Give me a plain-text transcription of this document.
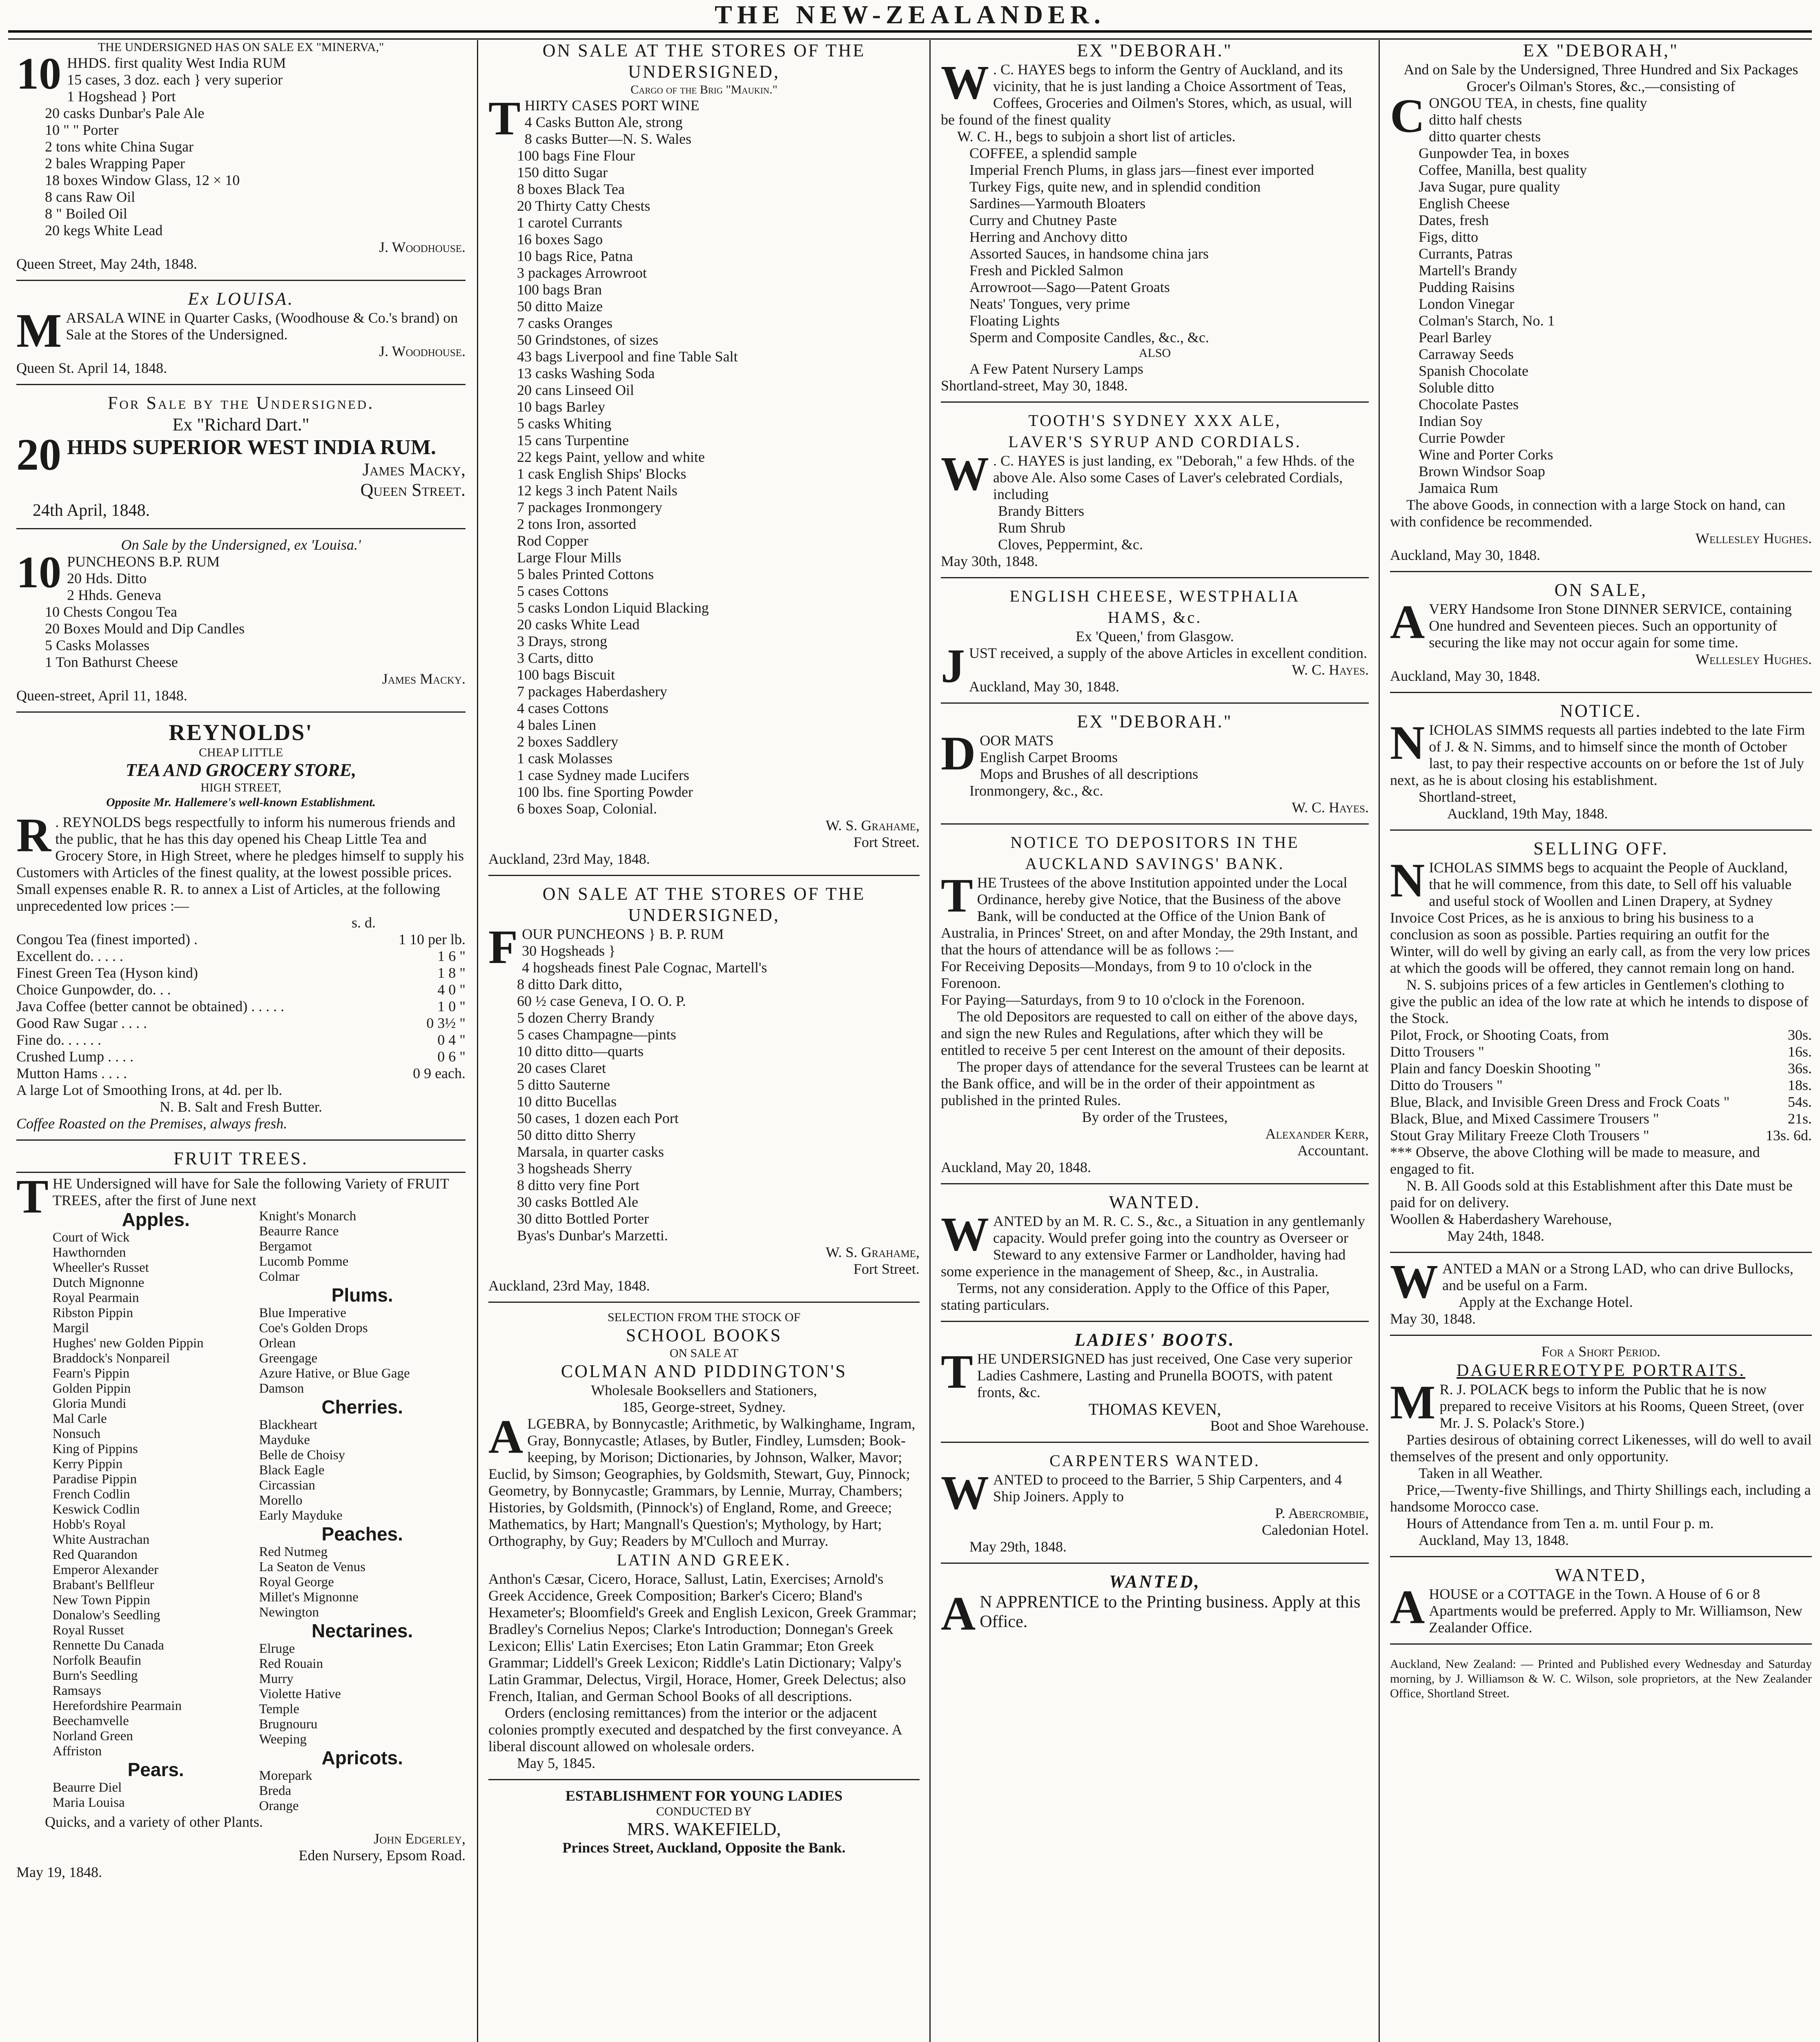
THE NEW-ZEALANDER.

THE UNDERSIGNED HAS ON SALE EX "MINERVA,"

10 HHDS. first quality West India RUM

15 cases, 3 doz. each } very superior

1 Hogshead } Port

20 casks Dunbar's Pale Ale

10 " " Porter

2 tons white China Sugar

2 bales Wrapping Paper

18 boxes Window Glass, 12 × 10

8 cans Raw Oil

8 " Boiled Oil

20 kegs White Lead

J. Woodhouse.

Queen Street, May 24th, 1848.

Ex LOUISA.

MARSALA WINE in Quarter Casks, (Woodhouse & Co.'s brand) on Sale at the Stores of the Undersigned.

J. Woodhouse.

Queen St. April 14, 1848.

For Sale by the Undersigned.

Ex "Richard Dart."

20 HHDS SUPERIOR WEST INDIA RUM.

James Macky,

Queen Street.

24th April, 1848.

On Sale by the Undersigned, ex 'Louisa.'

10 PUNCHEONS B.P. RUM

20 Hds. Ditto

2 Hhds. Geneva

10 Chests Congou Tea

20 Boxes Mould and Dip Candles

5 Casks Molasses

1 Ton Bathurst Cheese

James Macky.

Queen-street, April 11, 1848.

REYNOLDS'

CHEAP LITTLE

TEA AND GROCERY STORE,

HIGH STREET,

Opposite Mr. Hallemere's well-known Establishment.

R . REYNOLDS begs respectfully to inform his numerous friends and the public, that he has this day opened his Cheap Little Tea and Grocery Store, in High Street, where he pledges himself to supply his Customers with Articles of the finest quality, at the lowest possible prices. Small expenses enable R. R. to annex a List of Articles, at the following unprecedented low prices :—

s. d.

Congou Tea (finest imported) .	1 10 per lb.
Excellent do. . . . .	1 6 "
Finest Green Tea (Hyson kind)	1 8 "
Choice Gunpowder, do. . .	4 0 "
Java Coffee (better cannot be obtained) . . . . .	1 0 "
Good Raw Sugar . . . .	0 3½ "
Fine do. . . . . .	0 4 "
Crushed Lump . . . .	0 6 "
Mutton Hams . . . .	0 9 each.

A large Lot of Smoothing Irons, at 4d. per lb.

N. B. Salt and Fresh Butter.

Coffee Roasted on the Premises, always fresh.

FRUIT TREES.

THE Undersigned will have for Sale the following Variety of FRUIT TREES, after the first of June next

Apples.

Court of Wick

Hawthornden

Wheeller's Russet

Dutch Mignonne

Royal Pearmain

Ribston Pippin

Margil

Hughes' new Golden Pippin

Braddock's Nonpareil

Fearn's Pippin

Golden Pippin

Gloria Mundi

Mal Carle

Nonsuch

King of Pippins

Kerry Pippin

Paradise Pippin

French Codlin

Keswick Codlin

Hobb's Royal

White Austrachan

Red Quarandon

Emperor Alexander

Brabant's Bellfleur

New Town Pippin

Donalow's Seedling

Royal Russet

Rennette Du Canada

Norfolk Beaufin

Burn's Seedling

Ramsays

Herefordshire Pearmain

Beechamvelle

Norland Green

Affriston

Pears.

Beaurre Diel

Maria Louisa

Knight's Monarch

Beaurre Rance

Bergamot

Lucomb Pomme

Colmar

Plums.

Blue Imperative

Coe's Golden Drops

Orlean

Greengage

Azure Hative, or Blue Gage

Damson

Cherries.

Blackheart

Mayduke

Belle de Choisy

Black Eagle

Circassian

Morello

Early Mayduke

Peaches.

Red Nutmeg

La Seaton de Venus

Royal George

Millet's Mignonne

Newington

Nectarines.

Elruge

Red Rouain

Murry

Violette Hative

Temple

Brugnouru

Weeping

Apricots.

Morepark

Breda

Orange

Quicks, and a variety of other Plants.

John Edgerley,

Eden Nursery, Epsom Road.

May 19, 1848.

ON SALE AT THE STORES OF THE UNDERSIGNED,

Cargo of the Brig "Maukin."

THIRTY CASES PORT WINE

4 Casks Button Ale, strong

8 casks Butter—N. S. Wales

100 bags Fine Flour

150 ditto Sugar

8 boxes Black Tea

20 Thirty Catty Chests

1 carotel Currants

16 boxes Sago

10 bags Rice, Patna

3 packages Arrowroot

100 bags Bran

50 ditto Maize

7 casks Oranges

50 Grindstones, of sizes

43 bags Liverpool and fine Table Salt

13 casks Washing Soda

20 cans Linseed Oil

10 bags Barley

5 casks Whiting

15 cans Turpentine

22 kegs Paint, yellow and white

1 cask English Ships' Blocks

12 kegs 3 inch Patent Nails

7 packages Ironmongery

2 tons Iron, assorted

Rod Copper

Large Flour Mills

5 bales Printed Cottons

5 cases Cottons

5 casks London Liquid Blacking

20 casks White Lead

3 Drays, strong

3 Carts, ditto

100 bags Biscuit

7 packages Haberdashery

4 cases Cottons

4 bales Linen

2 boxes Saddlery

1 cask Molasses

1 case Sydney made Lucifers

100 lbs. fine Sporting Powder

6 boxes Soap, Colonial.

W. S. Grahame,

Fort Street.

Auckland, 23rd May, 1848.

ON SALE AT THE STORES OF THE UNDERSIGNED,

FOUR PUNCHEONS } B. P. RUM

30 Hogsheads }

4 hogsheads finest Pale Cognac, Martell's

8 ditto Dark ditto,

60 ½ case Geneva, I O. O. P.

5 dozen Cherry Brandy

5 cases Champagne—pints

10 ditto ditto—quarts

20 cases Claret

5 ditto Sauterne

10 ditto Bucellas

50 cases, 1 dozen each Port

50 ditto ditto Sherry

Marsala, in quarter casks

3 hogsheads Sherry

8 ditto very fine Port

30 casks Bottled Ale

30 ditto Bottled Porter

Byas's Dunbar's Marzetti.

W. S. Grahame,

Fort Street.

Auckland, 23rd May, 1848.

SELECTION FROM THE STOCK OF

SCHOOL BOOKS

ON SALE AT

COLMAN AND PIDDINGTON'S

Wholesale Booksellers and Stationers,

185, George-street, Sydney.

ALGEBRA, by Bonnycastle; Arithmetic, by Walkinghame, Ingram, Gray, Bonnycastle; Atlases, by Butler, Findley, Lumsden; Book-keeping, by Morison; Dictionaries, by Johnson, Walker, Mavor; Euclid, by Simson; Geographies, by Goldsmith, Stewart, Guy, Pinnock; Geometry, by Bonnycastle; Grammars, by Lennie, Murray, Chambers; Histories, by Goldsmith, (Pinnock's) of England, Rome, and Greece; Mathematics, by Hart; Mangnall's Question's; Mythology, by Hart; Orthography, by Guy; Readers by M'Culloch and Murray.

LATIN AND GREEK.

Anthon's Cæsar, Cicero, Horace, Sallust, Latin, Exercises; Arnold's Greek Accidence, Greek Composition; Barker's Cicero; Bland's Hexameter's; Bloomfield's Greek and English Lexicon, Greek Grammar; Bradley's Cornelius Nepos; Clarke's Introduction; Donnegan's Greek Lexicon; Ellis' Latin Exercises; Eton Latin Grammar; Eton Greek Grammar; Liddell's Greek Lexicon; Riddle's Latin Dictionary; Valpy's Latin Grammar, Delectus, Virgil, Horace, Homer, Greek Delectus; also French, Italian, and German School Books of all descriptions.

Orders (enclosing remittances) from the interior or the adjacent colonies promptly executed and despatched by the first conveyance. A liberal discount allowed on wholesale orders.

May 5, 1845.

ESTABLISHMENT FOR YOUNG LADIES

CONDUCTED BY

MRS. WAKEFIELD,

Princes Street, Auckland, Opposite the Bank.

EX "DEBORAH."

W . C. HAYES begs to inform the Gentry of Auckland, and its vicinity, that he is just landing a Choice Assortment of Teas, Coffees, Groceries and Oilmen's Stores, which, as usual, will be found of the finest quality

W. C. H., begs to subjoin a short list of articles.

COFFEE, a splendid sample

Imperial French Plums, in glass jars—finest ever imported

Turkey Figs, quite new, and in splendid condition

Sardines—Yarmouth Bloaters

Curry and Chutney Paste

Herring and Anchovy ditto

Assorted Sauces, in handsome china jars

Fresh and Pickled Salmon

Arrowroot—Sago—Patent Groats

Neats' Tongues, very prime

Floating Lights

Sperm and Composite Candles, &c., &c.

ALSO

A Few Patent Nursery Lamps

Shortland-street, May 30, 1848.

TOOTH'S SYDNEY XXX ALE,

LAVER'S SYRUP AND CORDIALS.

W . C. HAYES is just landing, ex "Deborah," a few Hhds. of the above Ale. Also some Cases of Laver's celebrated Cordials, including

Brandy Bitters

Rum Shrub

Cloves, Peppermint, &c.

May 30th, 1848.

ENGLISH CHEESE, WESTPHALIA

HAMS, &c.

Ex 'Queen,' from Glasgow.

JUST received, a supply of the above Articles in excellent condition.

W. C. Hayes.

Auckland, May 30, 1848.

EX "DEBORAH."

DOOR MATS

English Carpet Brooms

Mops and Brushes of all descriptions

Ironmongery, &c., &c.

W. C. Hayes.

NOTICE TO DEPOSITORS IN THE

AUCKLAND SAVINGS' BANK.

THE Trustees of the above Institution appointed under the Local Ordinance, hereby give Notice, that the Business of the above Bank, will be conducted at the Office of the Union Bank of Australia, in Princes' Street, on and after Monday, the 29th Instant, and that the hours of attendance will be as follows :—

For Receiving Deposits—Mondays, from 9 to 10 o'clock in the Forenoon.

For Paying—Saturdays, from 9 to 10 o'clock in the Forenoon.

The old Depositors are requested to call on either of the above days, and sign the new Rules and Regulations, after which they will be entitled to receive 5 per cent Interest on the amount of their deposits.

The proper days of attendance for the several Trustees can be learnt at the Bank office, and will be in the order of their appointment as published in the printed Rules.

By order of the Trustees,

Alexander Kerr,

Accountant.

Auckland, May 20, 1848.

WANTED.

WANTED by an M. R. C. S., &c., a Situation in any gentlemanly capacity. Would prefer going into the country as Overseer or Steward to any extensive Farmer or Landholder, having had some experience in the management of Sheep, &c., in Australia.

Terms, not any consideration. Apply to the Office of this Paper, stating particulars.

LADIES' BOOTS.

THE UNDERSIGNED has just received, One Case very superior Ladies Cashmere, Lasting and Prunella BOOTS, with patent fronts, &c.

THOMAS KEVEN,

Boot and Shoe Warehouse.

CARPENTERS WANTED.

WANTED to proceed to the Barrier, 5 Ship Carpenters, and 4 Ship Joiners. Apply to

P. Abercrombie,

Caledonian Hotel.

May 29th, 1848.

WANTED,

A N APPRENTICE to the Printing business. Apply at this Office.

EX "DEBORAH,"

And on Sale by the Undersigned, Three Hundred and Six Packages Grocer's Oilman's Stores, &c.,—consisting of

CONGOU TEA, in chests, fine quality

ditto half chests

ditto quarter chests

Gunpowder Tea, in boxes

Coffee, Manilla, best quality

Java Sugar, pure quality

English Cheese

Dates, fresh

Figs, ditto

Currants, Patras

Martell's Brandy

Pudding Raisins

London Vinegar

Colman's Starch, No. 1

Pearl Barley

Carraway Seeds

Spanish Chocolate

Soluble ditto

Chocolate Pastes

Indian Soy

Currie Powder

Wine and Porter Corks

Brown Windsor Soap

Jamaica Rum

The above Goods, in connection with a large Stock on hand, can with confidence be recommended.

Wellesley Hughes.

Auckland, May 30, 1848.

ON SALE,

AVERY Handsome Iron Stone DINNER SERVICE, containing One hundred and Seventeen pieces. Such an opportunity of securing the like may not occur again for some time.

Wellesley Hughes.

Auckland, May 30, 1848.

NOTICE.

NICHOLAS SIMMS requests all parties indebted to the late Firm of J. & N. Simms, and to himself since the month of October last, to pay their respective accounts on or before the 1st of July next, as he is about closing his establishment.

Shortland-street,

Auckland, 19th May, 1848.

SELLING OFF.

NICHOLAS SIMMS begs to acquaint the People of Auckland, that he will commence, from this date, to Sell off his valuable and useful stock of Woollen and Linen Drapery, at Sydney Invoice Cost Prices, as he is anxious to bring his business to a conclusion as soon as possible. Parties requiring an outfit for the Winter, will do well by giving an early call, as from the very low prices at which the goods will be offered, they cannot remain long on hand.

N. S. subjoins prices of a few articles in Gentlemen's clothing to give the public an idea of the low rate at which he intends to dispose of the Stock.

Pilot, Frock, or Shooting Coats, from	30s.
Ditto Trousers "	16s.
Plain and fancy Doeskin Shooting "	36s.
Ditto do Trousers "	18s.
Blue, Black, and Invisible Green Dress and Frock Coats "	54s.
Black, Blue, and Mixed Cassimere Trousers "	21s.
Stout Gray Military Freeze Cloth Trousers "	13s. 6d.

*** Observe, the above Clothing will be made to measure, and engaged to fit.

N. B. All Goods sold at this Establishment after this Date must be paid for on delivery.

Woollen & Haberdashery Warehouse,

May 24th, 1848.

WANTED a MAN or a Strong LAD, who can drive Bullocks, and be useful on a Farm.

Apply at the Exchange Hotel.

May 30, 1848.

For a Short Period.

DAGUERREOTYPE PORTRAITS.

M R. J. POLACK begs to inform the Public that he is now prepared to receive Visitors at his Rooms, Queen Street, (over Mr. J. S. Polack's Store.)

Parties desirous of obtaining correct Likenesses, will do well to avail themselves of the present and only opportunity.

Taken in all Weather.

Price,—Twenty-five Shillings, and Thirty Shillings each, including a handsome Morocco case.

Hours of Attendance from Ten a. m. until Four p. m.

Auckland, May 13, 1848.

WANTED,

AHOUSE or a COTTAGE in the Town. A House of 6 or 8 Apartments would be preferred. Apply to Mr. Williamson, New Zealander Office.

Auckland, New Zealand: — Printed and Published every Wednesday and Saturday morning, by J. Williamson & W. C. Wilson, sole proprietors, at the New Zealander Office, Shortland Street.
